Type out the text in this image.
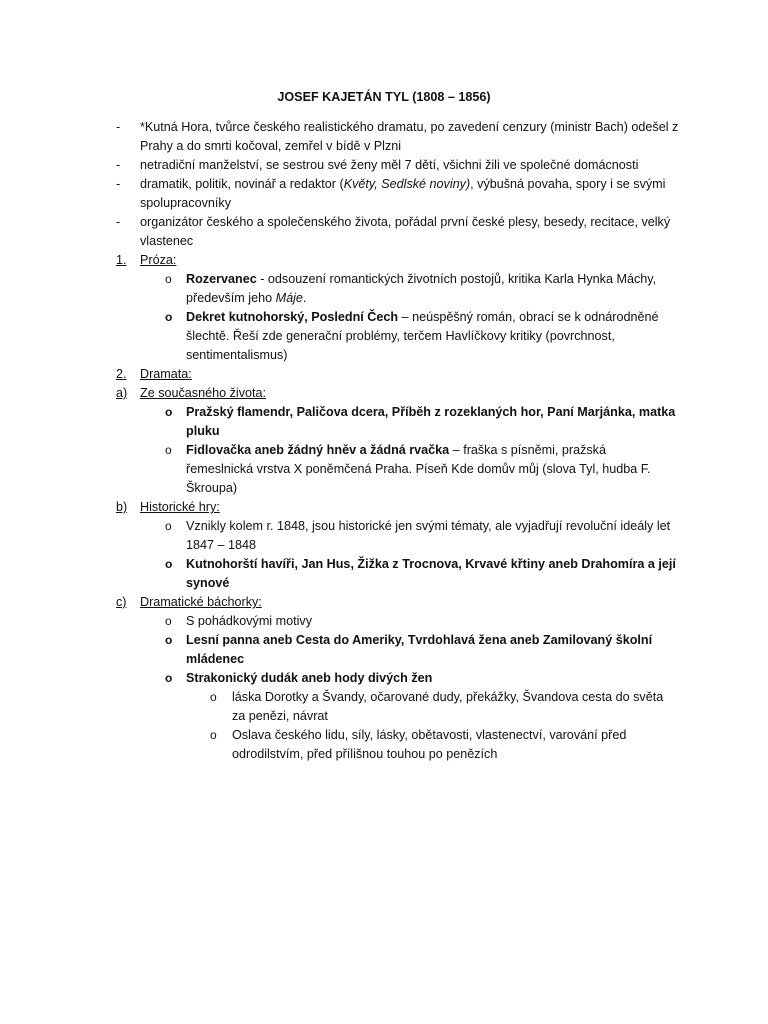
JOSEF KAJETÁN TYL (1808 – 1856)
- *Kutná Hora, tvůrce českého realistického dramatu, po zavedení cenzury (ministr Bach) odešel z Prahy a do smrti kočoval, zemřel v bídě v Plzni
- netradiční manželství, se sestrou své ženy měl 7 dětí, všichni žili ve společné domácnosti
- dramatik, politik, novinář a redaktor (Květy, Sedlské noviny), výbušná povaha, spory i se svými spolupracovníky
- organizátor českého a společenského života, pořádal první české plesy, besedy, recitace, velký vlastenec
1. Próza:
o Rozervanec - odsouzení romantických životních postojů, kritika Karla Hynka Máchy, především jeho Máje.
o Dekret kutnohorský, Poslední Čech – neúspěšný román, obrací se k odnárodněné šlechtě. Řeší zde generační problémy, terčem Havlíčkovy kritiky (povrchnost, sentimentalismus)
2. Dramata:
a) Ze současného života:
o Pražský flamendr, Paličova dcera, Příběh z rozeklaných hor, Paní Marjánka, matka pluku
o Fidlovačka aneb žádný hněv a žádná rvačka – fraška s písněmi, pražská řemeslnická vrstva X poněmčená Praha. Píseň Kde domův můj (slova Tyl, hudba F. Škroupa)
b) Historické hry:
o Vznikly kolem r. 1848, jsou historické jen svými tématy, ale vyjadřují revoluční ideály let 1847 – 1848
o Kutnohorští havíři, Jan Hus, Žižka z Trocnova, Krvavé křtiny aneb Drahomíra a její synové
c) Dramatické báchorky:
o S pohádkovými motivy
o Lesní panna aneb Cesta do Ameriky, Tvrdohlavá žena aneb Zamilovaný školní mládenec
o Strakonický dudák aneb hody divých žen
o láska Dorotky a Švandy, očarované dudy, překážky, Švandova cesta do světa za penězi, návrat
o Oslava českého lidu, síly, lásky, obětavosti, vlastenectví, varování před odrodilstvím, před přílišnou touhou po penězích
